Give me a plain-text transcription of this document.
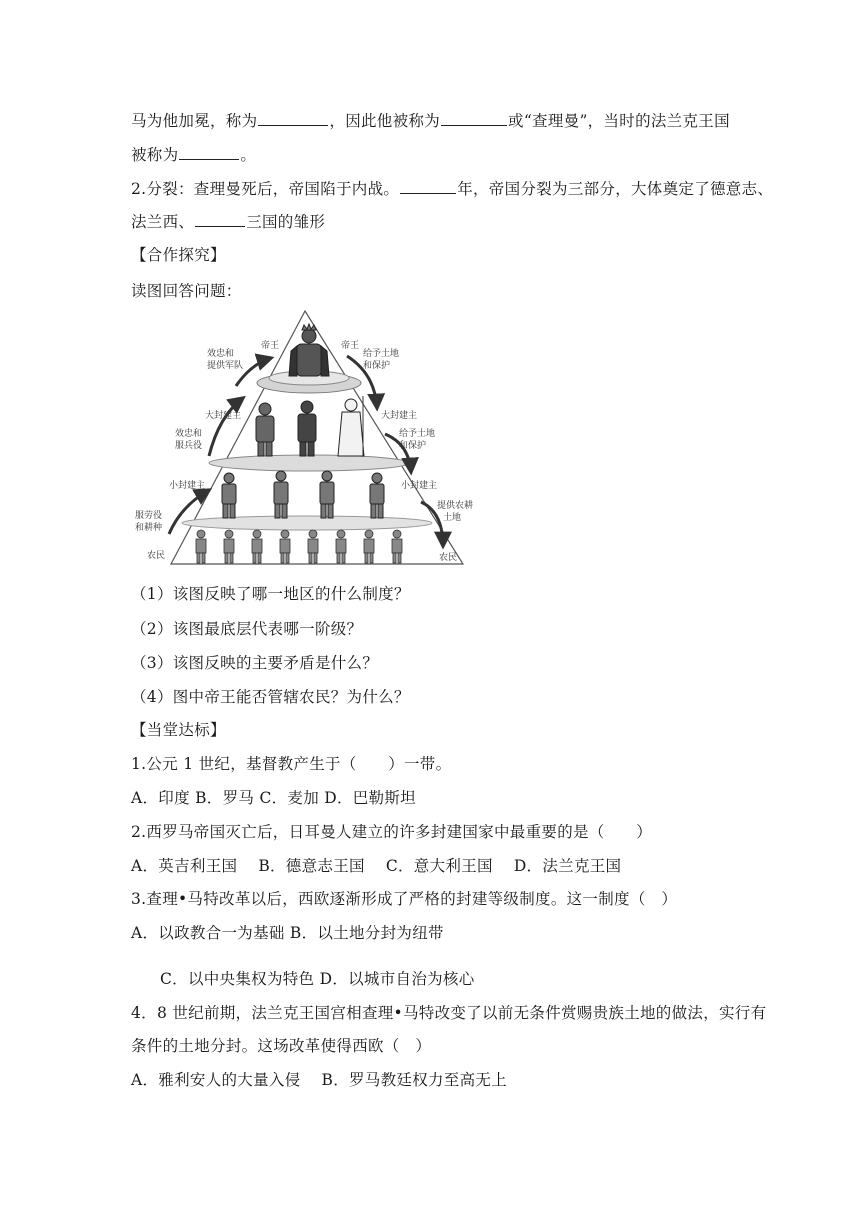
马为他加冕，称为	，因此他被称为	或“查理曼”，当时的法兰克王国
被称为	。
2.分裂：查理曼死后，帝国陷于内战。	年，帝国分裂为三部分，大体奠定了德意志、
法兰西、	三国的雏形
【合作探究】
读图回答问题：
帝王	帝王
效忠和
提供军队
给予土地
和保护
大封建主	大封建主
效忠和
服兵役
给予土地
和保护
小封建主	小封建主
服劳役
和耕种
提供农耕
土地
农民	农民
（1）该图反映了哪一地区的什么制度？
（2）该图最底层代表哪一阶级？
（3）该图反映的主要矛盾是什么？
（4）图中帝王能否管辖农民？为什么？
【当堂达标】
1.公元 1 世纪，基督教产生于（　　）一带。
A．印度 B．罗马 C．麦加 D．巴勒斯坦
2.西罗马帝国灭亡后，日耳曼人建立的许多封建国家中最重要的是（　　）
A．英吉利王国　 B．德意志王国　 C．意大利王国　 D．法兰克王国
3.查理•马特改革以后，西欧逐渐形成了严格的封建等级制度。这一制度（　）
A．以政教合一为基础 B．以土地分封为纽带
C．以中央集权为特色 D．以城市自治为核心
4．8 世纪前期，法兰克王国宫相查理•马特改变了以前无条件赏赐贵族土地的做法，实行有
条件的土地分封。这场改革使得西欧（　）
A．雅利安人的大量入侵　 B．罗马教廷权力至高无上
